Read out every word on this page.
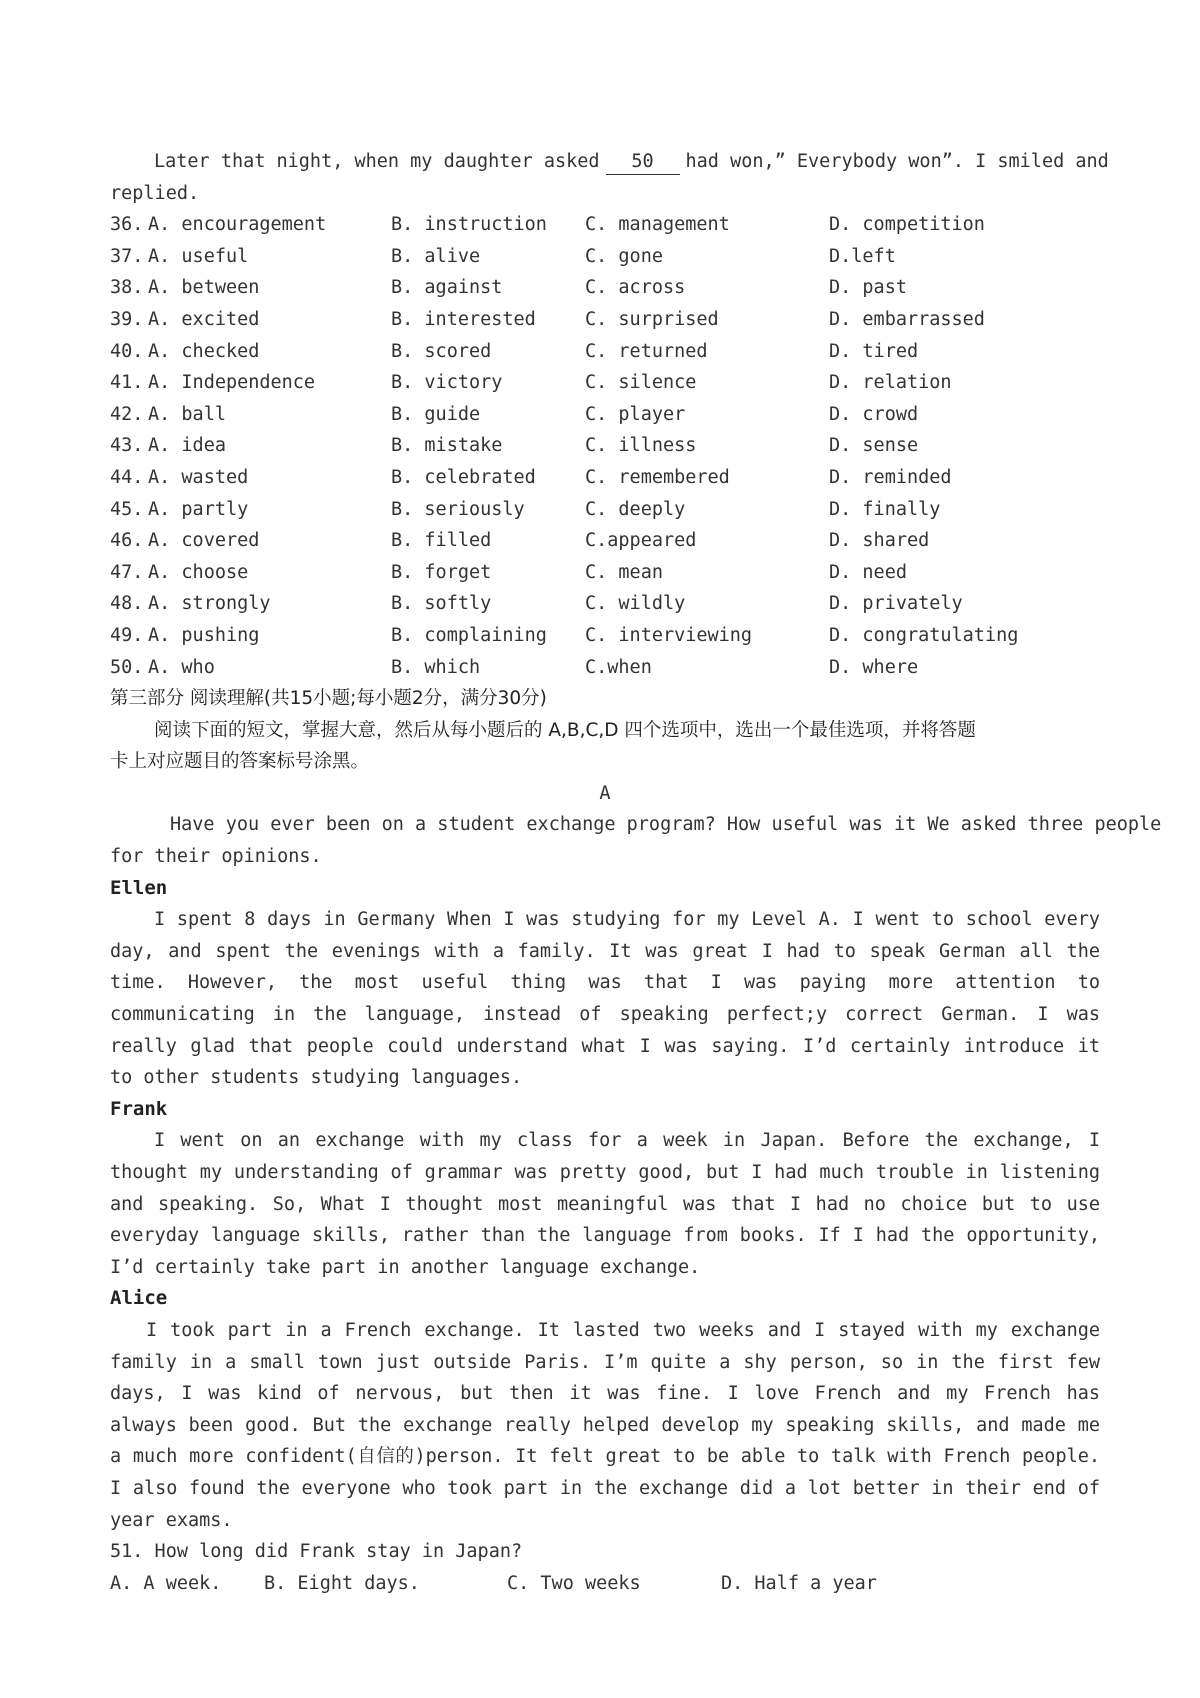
Later that night, when my daughter asked 50 had won,” Everybody won”. I smiled and
replied.
36. A. encouragement	B. instruction C. management	D. competition
37. A. useful	B. alive	C. gone	D.left
38. A. between	B. against	C. across	D. past
39. A. excited	B. interested	C. surprised	D. embarrassed
40. A. checked	B. scored	C. returned	D. tired
41. A. Independence	B. victory	C. silence	D. relation
42. A. ball	B. guide	C. player	D. crowd
43. A. idea	B. mistake	C. illness	D. sense
44. A. wasted	B. celebrated	C. remembered	D. reminded
45. A. partly	B. seriously	C. deeply	D. finally
46. A. covered	B. filled	C.appeared	D. shared
47. A. choose	B. forget	C. mean	D. need
48. A. strongly	B. softly	C. wildly	D. privately
49. A. pushing	B. complaining C. interviewing	D. congratulating
50. A. who	B. which	C.when	D. where
第三部分 阅读理解(共15小题;每小题2分，满分30分)
阅读下面的短文，掌握大意，然后从每小题后的 A,B,C,D 四个选项中，选出一个最佳选项，并将答题
卡上对应题目的答案标号涂黑。
A
Have you ever been on a student exchange program? How useful was it We asked three people
for their opinions.
Ellen
I spent 8 days in Germany When I was studying for my Level A. I went to school every day, and spent the evenings with a family. It was great I had to speak German all the time. However, the most useful thing was that I was paying more attention to communicating in the language, instead of speaking perfect;y correct German. I was really glad that people could understand what I was saying. I’d certainly introduce it to other students studying languages.
Frank
I went on an exchange with my class for a week in Japan. Before the exchange, I thought my understanding of grammar was pretty good, but I had much trouble in listening and speaking. So, What I thought most meaningful was that I had no choice but to use everyday language skills, rather than the language from books. If I had the opportunity, I’d certainly take part in another language exchange.
Alice
I took part in a French exchange. It lasted two weeks and I stayed with my exchange family in a small town just outside Paris. I’m quite a shy person, so in the first few days, I was kind of nervous, but then it was fine. I love French and my French has always been good. But the exchange really helped develop my speaking skills, and made me a much more confident(自信的)person. It felt great to be able to talk with French people. I also found the everyone who took part in the exchange did a lot better in their end of year exams.
51. How long did Frank stay in Japan?
A. A week. B. Eight days.	C. Two weeks	D. Half a year
